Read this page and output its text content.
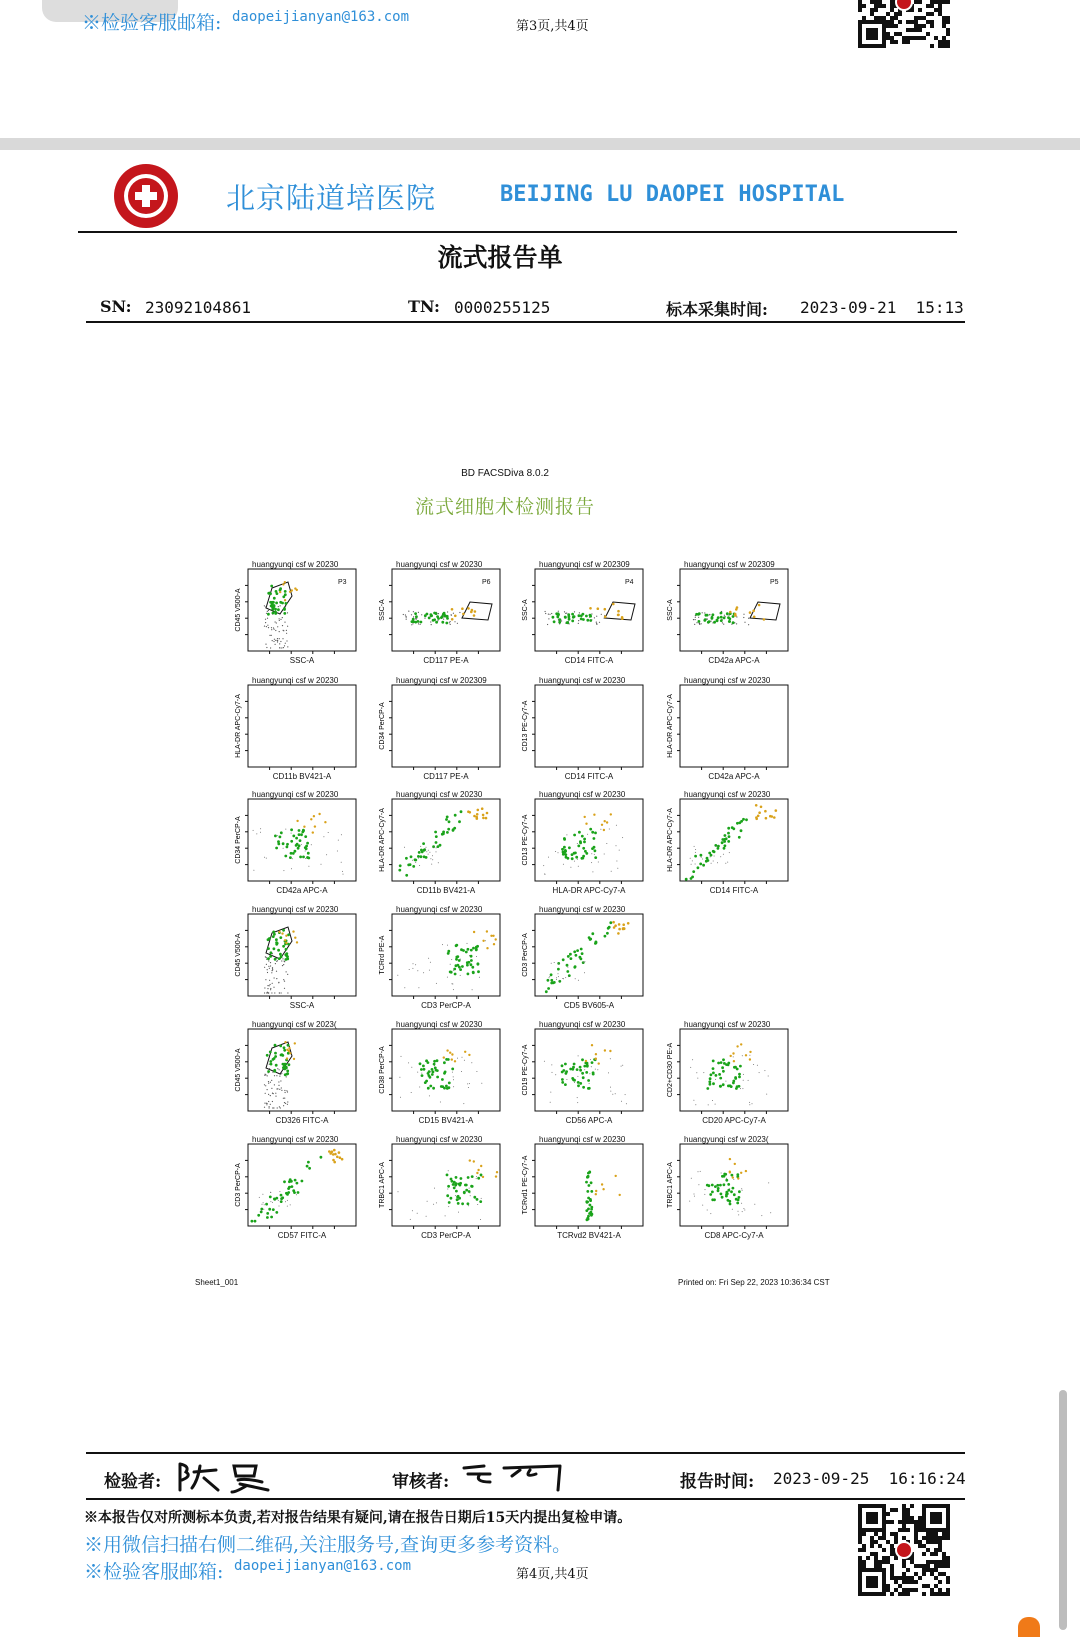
※检验客服邮箱: daopeijianyan@163.com
第3页,共4页
北京陆道培医院	BEIJING LU DAOPEI HOSPITAL
流式报告单
SN: 23092104861	TN: 0000255125	标本采集时间: 2023-09-21  15:13
BD FACSDiva 8.0.2
流式细胞术检测报告
huangyunqi csf w 20230
SSC-A
P3
CD45 V500-A
huangyunqi csf w 20230
CD117 PE-A
P6
SSC-A
huangyunqi csf w 202309
CD14 FITC-A
P4
SSC-A
huangyunqi csf w 202309
CD42a APC-A
P5
SSC-A
huangyunqi csf w 20230
CD11b BV421-A
HLA-DR APC-Cy7-A
huangyunqi csf w 202309
CD117 PE-A
CD34 PerCP-A
huangyunqi csf w 20230
CD14 FITC-A
CD13 PE-Cy7-A
huangyunqi csf w 20230
CD42a APC-A
HLA-DR APC-Cy7-A
huangyunqi csf w 20230
CD42a APC-A
CD34 PerCP-A
huangyunqi csf w 20230
CD11b BV421-A
HLA-DR APC-Cy7-A
huangyunqi csf w 20230
HLA-DR APC-Cy7-A
CD13 PE-Cy7-A
huangyunqi csf w 20230
CD14 FITC-A
HLA-DR APC-Cy7-A
huangyunqi csf w 20230
SSC-A
CD45 V500-A
huangyunqi csf w 20230
CD3 PerCP-A
TCRrd PE-A
huangyunqi csf w 20230
CD5 BV605-A
CD3 PerCP-A
huangyunqi csf w 2023(
CD326 FITC-A
CD45 V500-A
huangyunqi csf w 20230
CD15 BV421-A
CD38 PerCP-A
huangyunqi csf w 20230
CD56 APC-A
CD19 PE-Cy7-A
huangyunqi csf w 20230
CD20 APC-Cy7-A
CD2+CD30 PE-A
huangyunqi csf w 20230
CD57 FITC-A
CD3 PerCP-A
huangyunqi csf w 20230
CD3 PerCP-A
TRBC1 APC-A
huangyunqi csf w 20230
TCRvd2 BV421-A
TCRvd1 PE-Cy7-A
huangyunqi csf w 2023(
CD8 APC-Cy7-A
TRBC1 APC-A
Sheet1_001	Printed on: Fri Sep 22, 2023 10:36:34 CST
检验者:	审核者:	报告时间: 2023-09-25  16:16:24
※本报告仅对所测标本负责,若对报告结果有疑问,请在报告日期后15天内提出复检申请。
※用微信扫描右侧二维码,关注服务号,查询更多参考资料。
※检验客服邮箱: daopeijianyan@163.com
第4页,共4页
